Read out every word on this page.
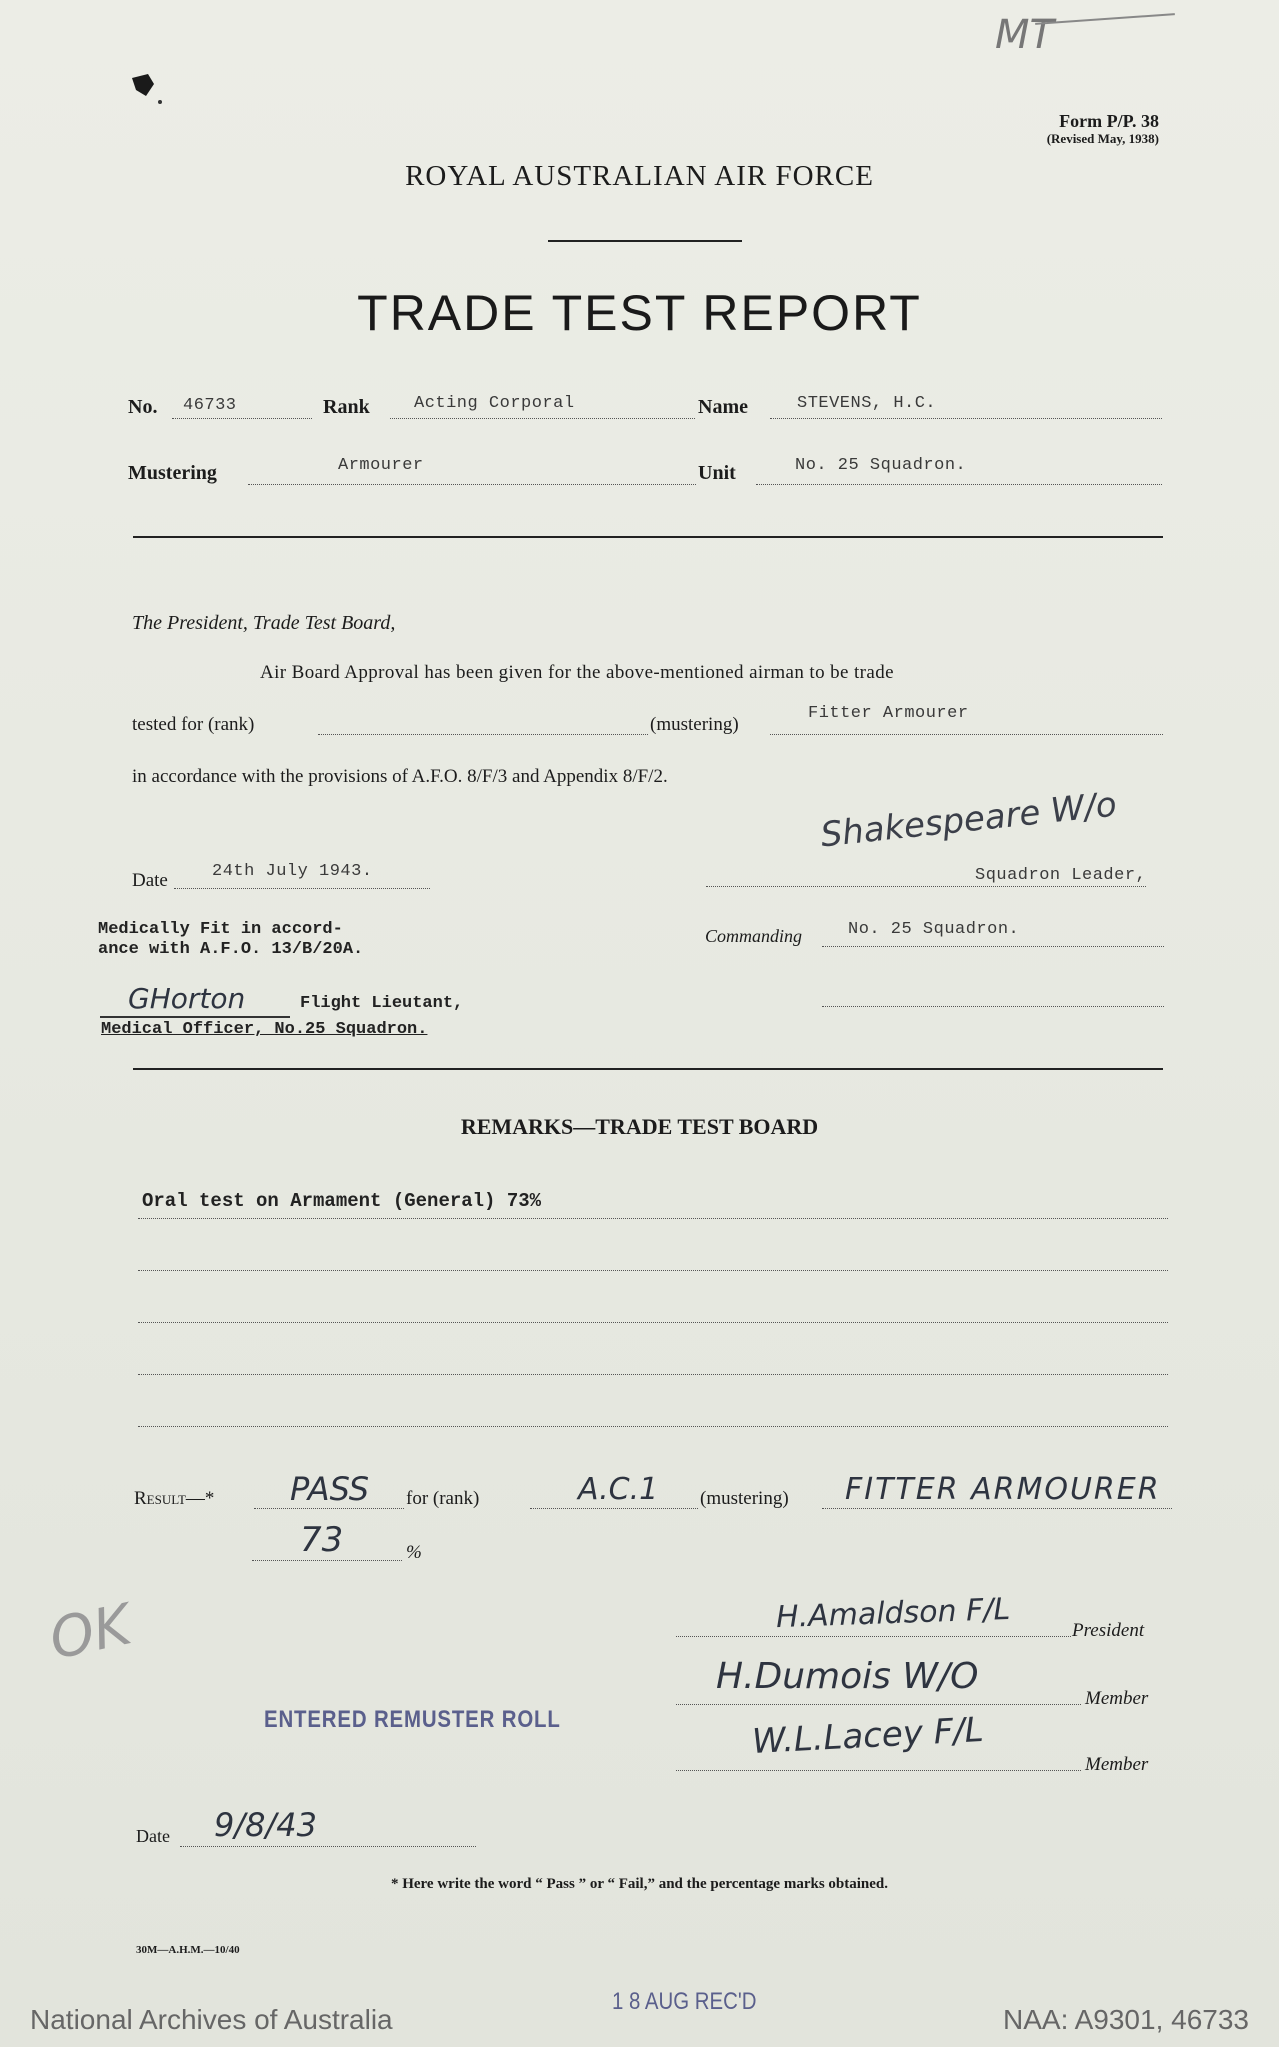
MT
Form P/P. 38
(Revised May, 1938)
ROYAL AUSTRALIAN AIR FORCE
TRADE TEST REPORT
No. 46733	Rank	Acting Corporal	Name	STEVENS, H.C.
Mustering	Armourer	Unit	No. 25 Squadron.
The President, Trade Test Board,
Air Board Approval has been given for the above-mentioned airman to be trade
tested for (rank)	(mustering)
Fitter Armourer
in accordance with the provisions of A.F.O. 8/F/3 and Appendix 8/F/2.
Shakespeare W/o
Date	24th July 1943.	Squadron Leader,
Commanding	No. 25 Squadron.
Medically Fit in accord-
ance with A.F.O. 13/B/20A.
GHorton	Flight Lieutant,
Medical Officer, No.25 Squadron.
REMARKS—TRADE TEST BOARD
Oral test on Armament (General) 73%
Result—* PASS for (rank)	A.C.1 (mustering) FITTER ARMOURER
73	%
OK	H.Amaldson F/L	President
H.Dumois W/O
Member
W.L.Lacey F/L
Member
ENTERED REMUSTER ROLL
Date 9/8/43
* Here write the word “ Pass ” or “ Fail,” and the percentage marks obtained.
30M—A.H.M.—10/40
1 8 AUG REC'D
National Archives of Australia	NAA: A9301, 46733
